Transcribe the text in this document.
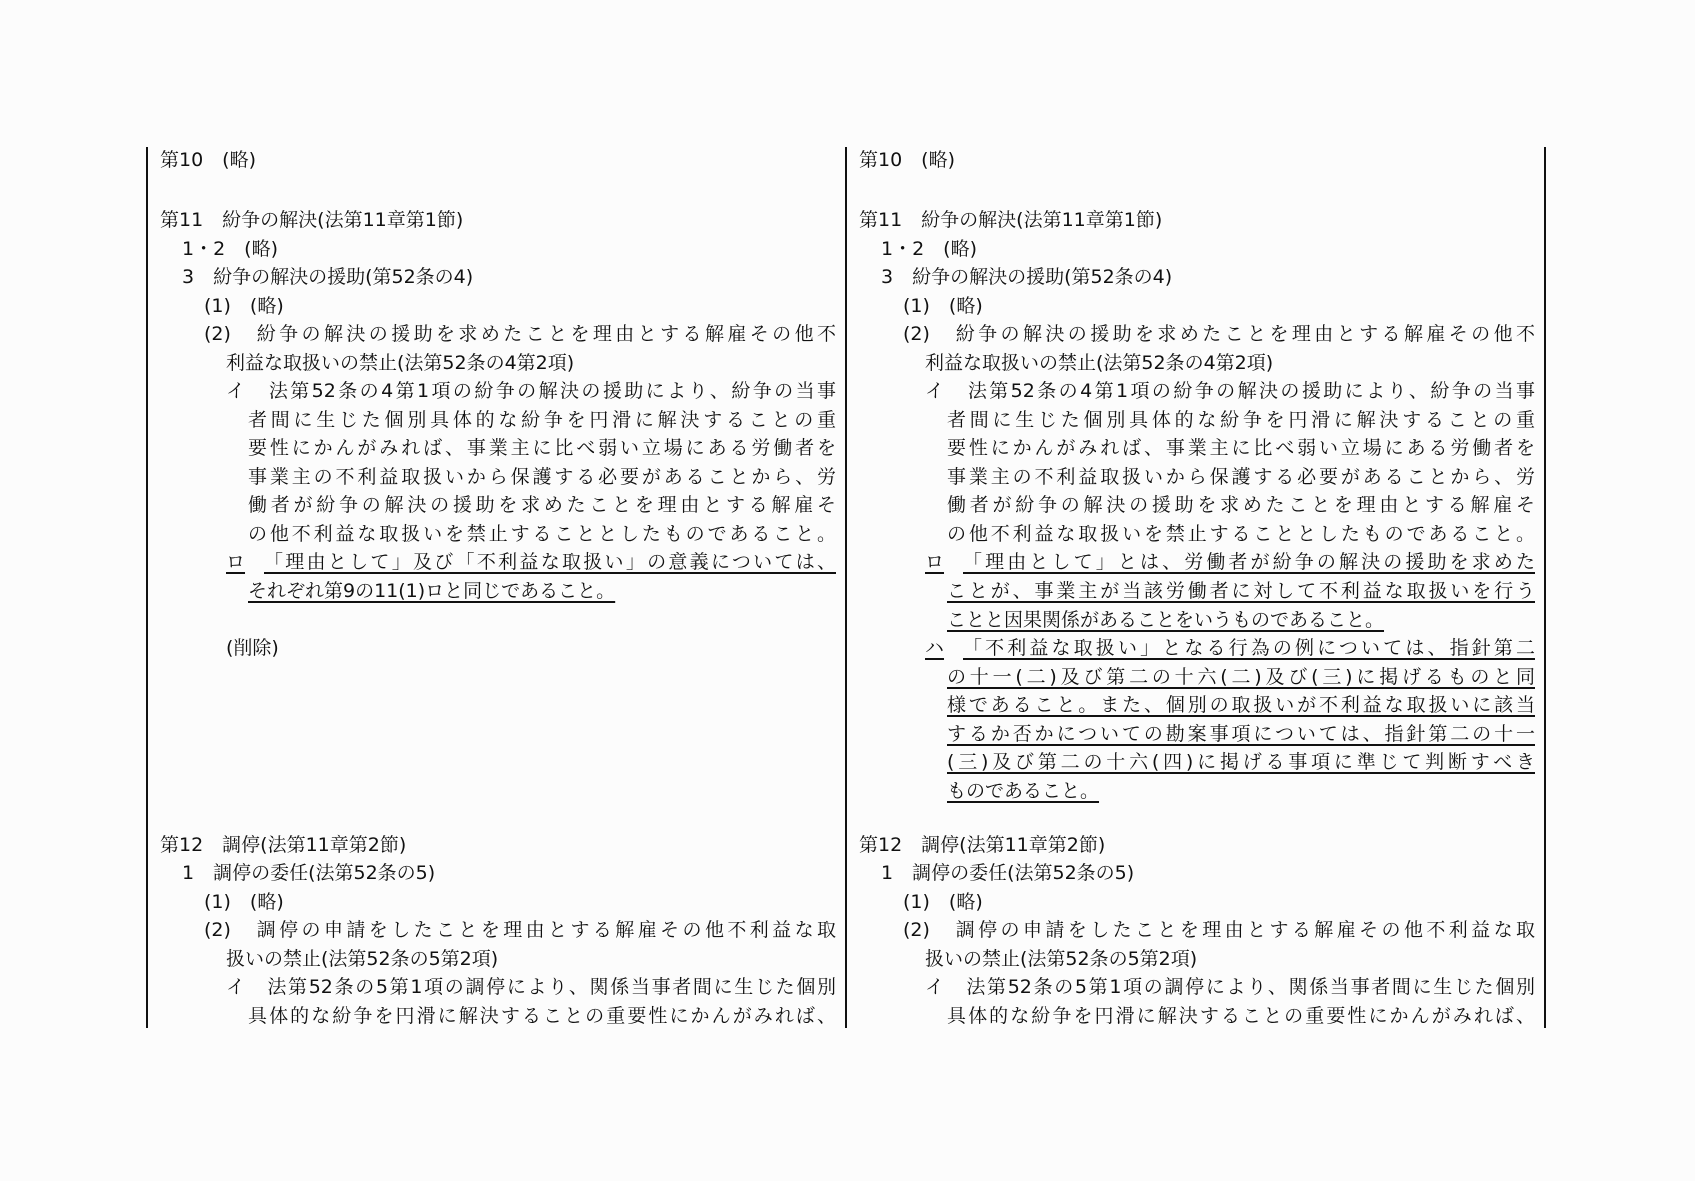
第10　(略)
第11　紛争の解決(法第11章第1節)
1・2　(略)
3　紛争の解決の援助(第52条の4)
(1)　(略)
(2)　紛争の解決の援助を求めたことを理由とする解雇その他不
利益な取扱いの禁止(法第52条の4第2項)
イ　法第52条の4第1項の紛争の解決の援助により、紛争の当事
者間に生じた個別具体的な紛争を円滑に解決することの重
要性にかんがみれば、事業主に比べ弱い立場にある労働者を
事業主の不利益取扱いから保護する必要があることから、労
働者が紛争の解決の援助を求めたことを理由とする解雇そ
の他不利益な取扱いを禁止することとしたものであること。
ロ 「理由として」及び「不利益な取扱い」の意義については、
それぞれ第9の11(1)ロと同じであること。
(削除)
第12　調停(法第11章第2節)
1　調停の委任(法第52条の5)
(1)　(略)
(2)　調停の申請をしたことを理由とする解雇その他不利益な取
扱いの禁止(法第52条の5第2項)
イ　法第52条の5第1項の調停により、関係当事者間に生じた個別
具体的な紛争を円滑に解決することの重要性にかんがみれば、
第10　(略)
第11　紛争の解決(法第11章第1節)
1・2　(略)
3　紛争の解決の援助(第52条の4)
(1)　(略)
(2)　紛争の解決の援助を求めたことを理由とする解雇その他不
利益な取扱いの禁止(法第52条の4第2項)
イ　法第52条の4第1項の紛争の解決の援助により、紛争の当事
者間に生じた個別具体的な紛争を円滑に解決することの重
要性にかんがみれば、事業主に比べ弱い立場にある労働者を
事業主の不利益取扱いから保護する必要があることから、労
働者が紛争の解決の援助を求めたことを理由とする解雇そ
の他不利益な取扱いを禁止することとしたものであること。
ロ 「理由として」とは、労働者が紛争の解決の援助を求めた
ことが、事業主が当該労働者に対して不利益な取扱いを行う
ことと因果関係があることをいうものであること。
ハ 「不利益な取扱い」となる行為の例については、指針第二
の十一(二)及び第二の十六(二)及び(三)に掲げるものと同
様であること。また、個別の取扱いが不利益な取扱いに該当
するか否かについての勘案事項については、指針第二の十一
(三)及び第二の十六(四)に掲げる事項に準じて判断すべき
ものであること。
第12　調停(法第11章第2節)
1　調停の委任(法第52条の5)
(1)　(略)
(2)　調停の申請をしたことを理由とする解雇その他不利益な取
扱いの禁止(法第52条の5第2項)
イ　法第52条の5第1項の調停により、関係当事者間に生じた個別
具体的な紛争を円滑に解決することの重要性にかんがみれば、
